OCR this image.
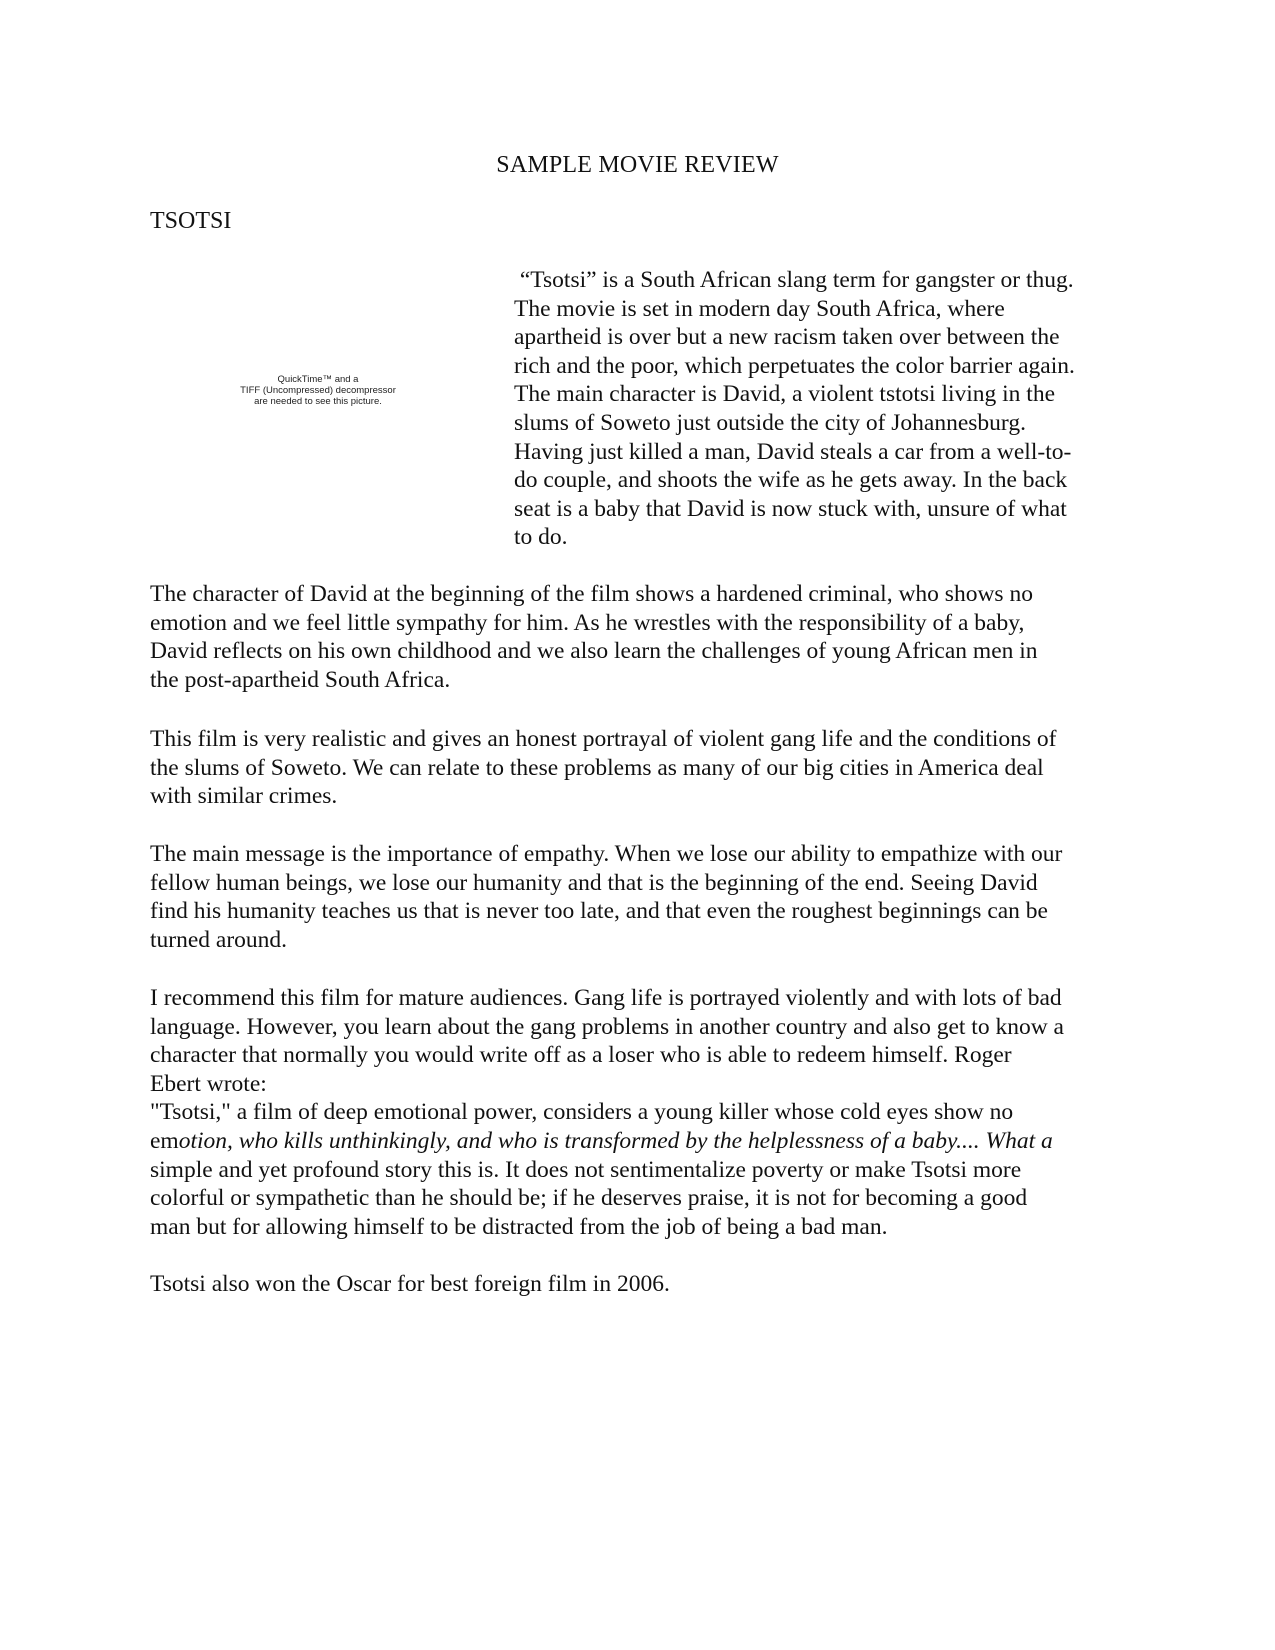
SAMPLE MOVIE REVIEW
TSOTSI
QuickTime™ and a
TIFF (Uncompressed) decompressor
are needed to see this picture.
“Tsotsi” is a South African slang term for gangster or thug.
The movie is set in modern day South Africa, where
apartheid is over but a new racism taken over between the
rich and the poor, which perpetuates the color barrier again.
The main character is David, a violent tstotsi living in the
slums of Soweto just outside the city of Johannesburg.
Having just killed a man, David steals a car from a well-to-
do couple, and shoots the wife as he gets away. In the back
seat is a baby that David is now stuck with, unsure of what
to do.
The character of David at the beginning of the film shows a hardened criminal, who shows no
emotion and we feel little sympathy for him. As he wrestles with the responsibility of a baby,
David reflects on his own childhood and we also learn the challenges of young African men in
the post-apartheid South Africa.
This film is very realistic and gives an honest portrayal of violent gang life and the conditions of
the slums of Soweto. We can relate to these problems as many of our big cities in America deal
with similar crimes.
The main message is the importance of empathy. When we lose our ability to empathize with our
fellow human beings, we lose our humanity and that is the beginning of the end. Seeing David
find his humanity teaches us that is never too late, and that even the roughest beginnings can be
turned around.
I recommend this film for mature audiences. Gang life is portrayed violently and with lots of bad
language. However, you learn about the gang problems in another country and also get to know a
character that normally you would write off as a loser who is able to redeem himself. Roger
Ebert wrote:
"Tsotsi," a film of deep emotional power, considers a young killer whose cold eyes show no
emotion, who kills unthinkingly, and who is transformed by the helplessness of a baby.... What a
simple and yet profound story this is. It does not sentimentalize poverty or make Tsotsi more
colorful or sympathetic than he should be; if he deserves praise, it is not for becoming a good
man but for allowing himself to be distracted from the job of being a bad man.
Tsotsi also won the Oscar for best foreign film in 2006.
